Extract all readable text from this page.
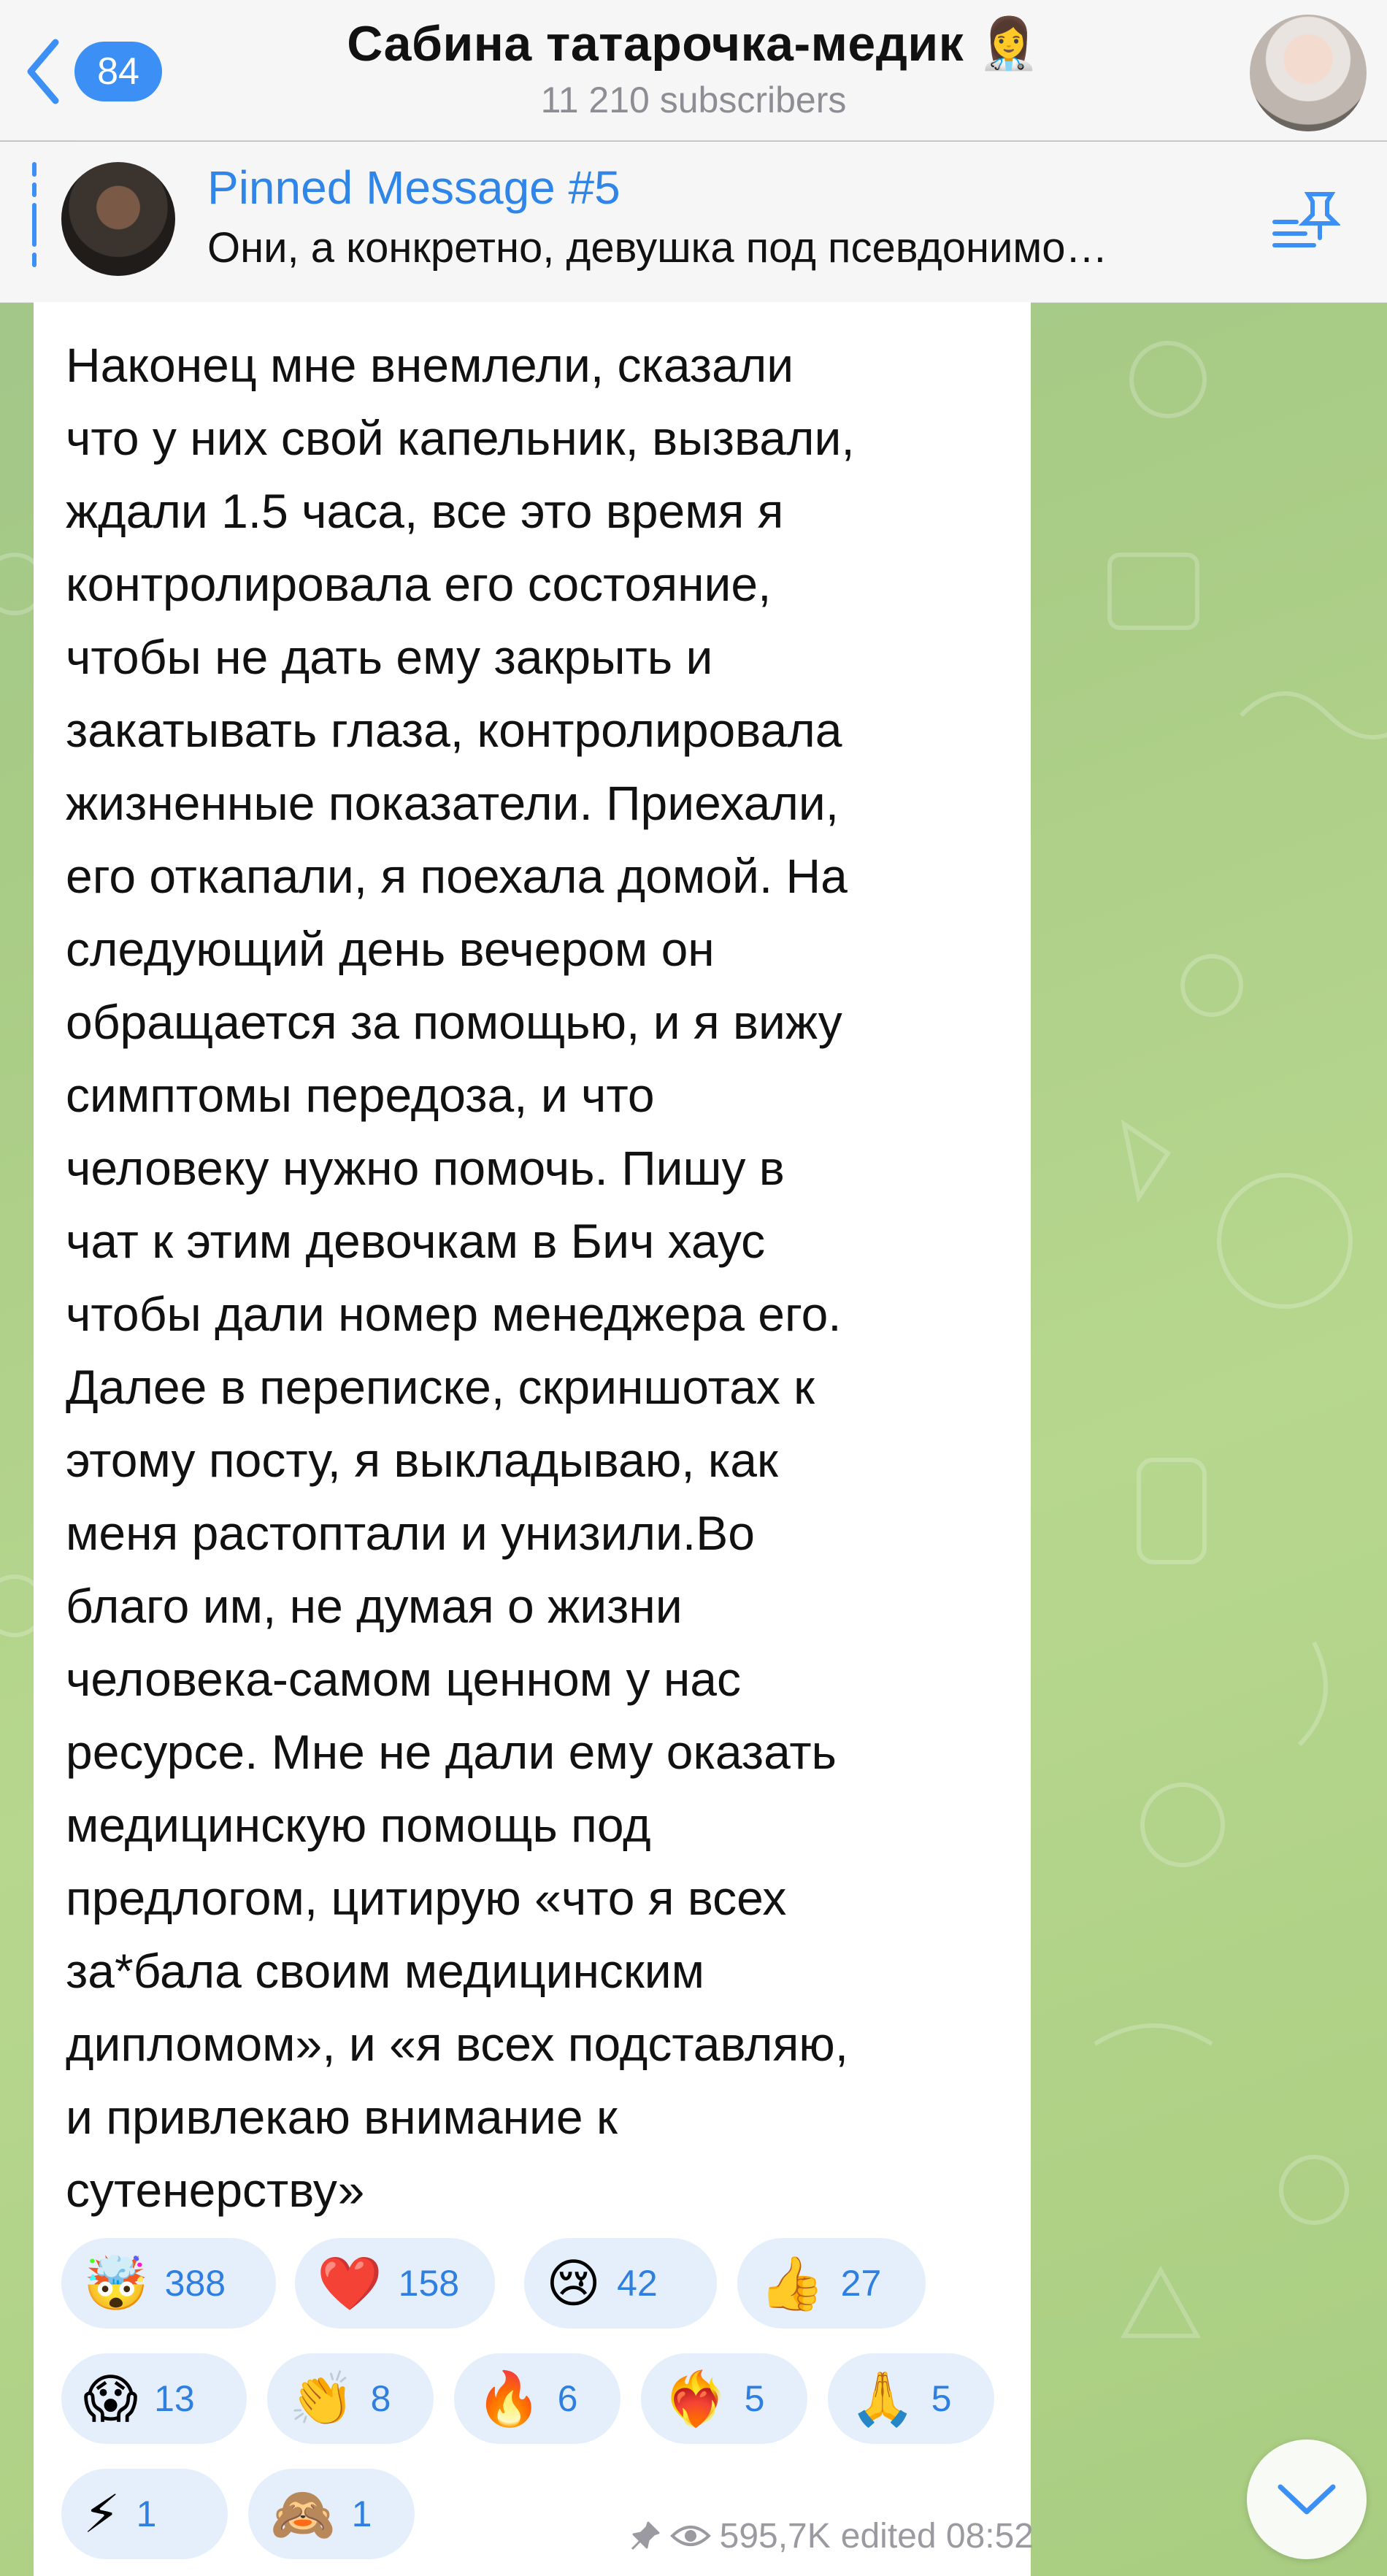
84	Сабина татарочка-медик 👩‍⚕️
11 210 subscribers
Pinned Message #5
Они, а конкретно, девушка под псевдонимо…
Наконец мне внемлели, сказали
что у них свой капельник, вызвали,
ждали 1.5 часа, все это время я
контролировала его состояние,
чтобы не дать ему закрыть и
закатывать глаза, контролировала
жизненные показатели. Приехали,
его откапали, я поехала домой. На
следующий день вечером он
обращается за помощью, и я вижу
симптомы передоза, и что
человеку нужно помочь. Пишу в
чат к этим девочкам в Бич хаус
чтобы дали номер менеджера его.
Далее в переписке, скриншотах к
этому посту, я выкладываю, как
меня растоптали и унизили.Во
благо им, не думая о жизни
человека-самом ценном у нас
ресурсе. Мне не дали ему оказать
медицинскую помощь под
предлогом, цитирую «что я всех
за*бала своим медицинским
дипломом», и «я всех подставляю,
и привлекаю внимание к
сутенерству»
🤯 388 ❤️ 158 😢 42 👍 27
😱 13 👏 8 🔥 6 ❤️‍🔥 5 🙏 5
⚡ 1 🙈 1
595,7K edited 08:52
